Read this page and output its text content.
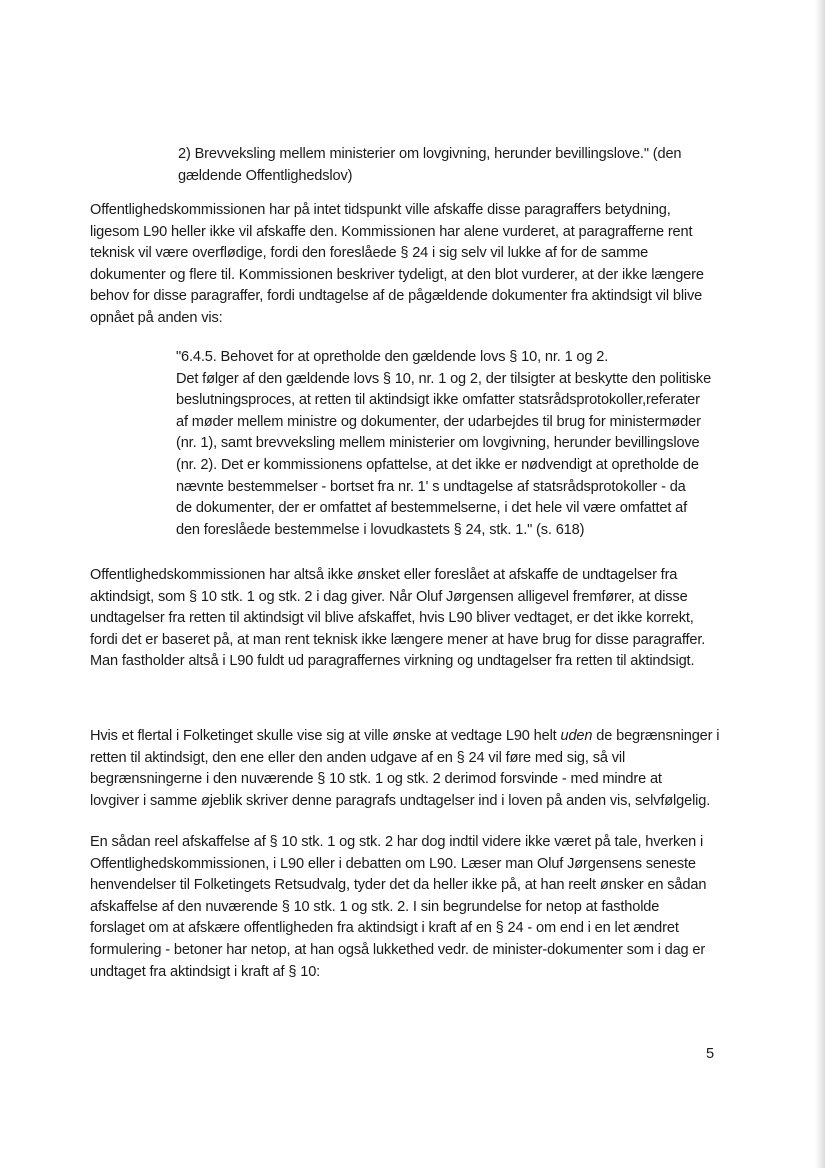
2) Brevveksling mellem ministerier om lovgivning, herunder bevillingslove." (den
gældende Offentlighedslov)
Offentlighedskommissionen har på intet tidspunkt ville afskaffe disse paragraffers betydning,
ligesom L90 heller ikke vil afskaffe den. Kommissionen har alene vurderet, at paragrafferne rent
teknisk vil være overflødige, fordi den foreslåede § 24 i sig selv vil lukke af for de samme
dokumenter og flere til. Kommissionen beskriver tydeligt, at den blot vurderer, at der ikke længere
behov for disse paragraffer, fordi undtagelse af de pågældende dokumenter fra aktindsigt vil blive
opnået på anden vis:
"6.4.5. Behovet for at opretholde den gældende lovs § 10, nr. 1 og 2.
Det følger af den gældende lovs § 10, nr. 1 og 2, der tilsigter at beskytte den politiske
beslutningsproces, at retten til aktindsigt ikke omfatter statsrådsprotokoller,referater
af møder mellem ministre og dokumenter, der udarbejdes til brug for ministermøder
(nr. 1), samt brevveksling mellem ministerier om lovgivning, herunder bevillingslove
(nr. 2). Det er kommissionens opfattelse, at det ikke er nødvendigt at opretholde de
nævnte bestemmelser - bortset fra nr. 1' s undtagelse af statsrådsprotokoller - da
de dokumenter, der er omfattet af bestemmelserne, i det hele vil være omfattet af
den foreslåede bestemmelse i lovudkastets § 24, stk. 1." (s. 618)
Offentlighedskommissionen har altså ikke ønsket eller foreslået at afskaffe de undtagelser fra
aktindsigt, som § 10 stk. 1 og stk. 2 i dag giver. Når Oluf Jørgensen alligevel fremfører, at disse
undtagelser fra retten til aktindsigt vil blive afskaffet, hvis L90 bliver vedtaget, er det ikke korrekt,
fordi det er baseret på, at man rent teknisk ikke længere mener at have brug for disse paragraffer.
Man fastholder altså i L90 fuldt ud paragraffernes virkning og undtagelser fra retten til aktindsigt.
Hvis et flertal i Folketinget skulle vise sig at ville ønske at vedtage L90 helt uden de begrænsninger i
retten til aktindsigt, den ene eller den anden udgave af en § 24 vil føre med sig, så vil
begrænsningerne i den nuværende § 10 stk. 1 og stk. 2 derimod forsvinde - med mindre at
lovgiver i samme øjeblik skriver denne paragrafs undtagelser ind i loven på anden vis, selvfølgelig.
En sådan reel afskaffelse af § 10 stk. 1 og stk. 2 har dog indtil videre ikke været på tale, hverken i
Offentlighedskommissionen, i L90 eller i debatten om L90. Læser man Oluf Jørgensens seneste
henvendelser til Folketingets Retsudvalg, tyder det da heller ikke på, at han reelt ønsker en sådan
afskaffelse af den nuværende § 10 stk. 1 og stk. 2. I sin begrundelse for netop at fastholde
forslaget om at afskære offentligheden fra aktindsigt i kraft af en § 24 - om end i en let ændret
formulering - betoner har netop, at han også lukkethed vedr. de minister-dokumenter som i dag er
undtaget fra aktindsigt i kraft af § 10:
5
